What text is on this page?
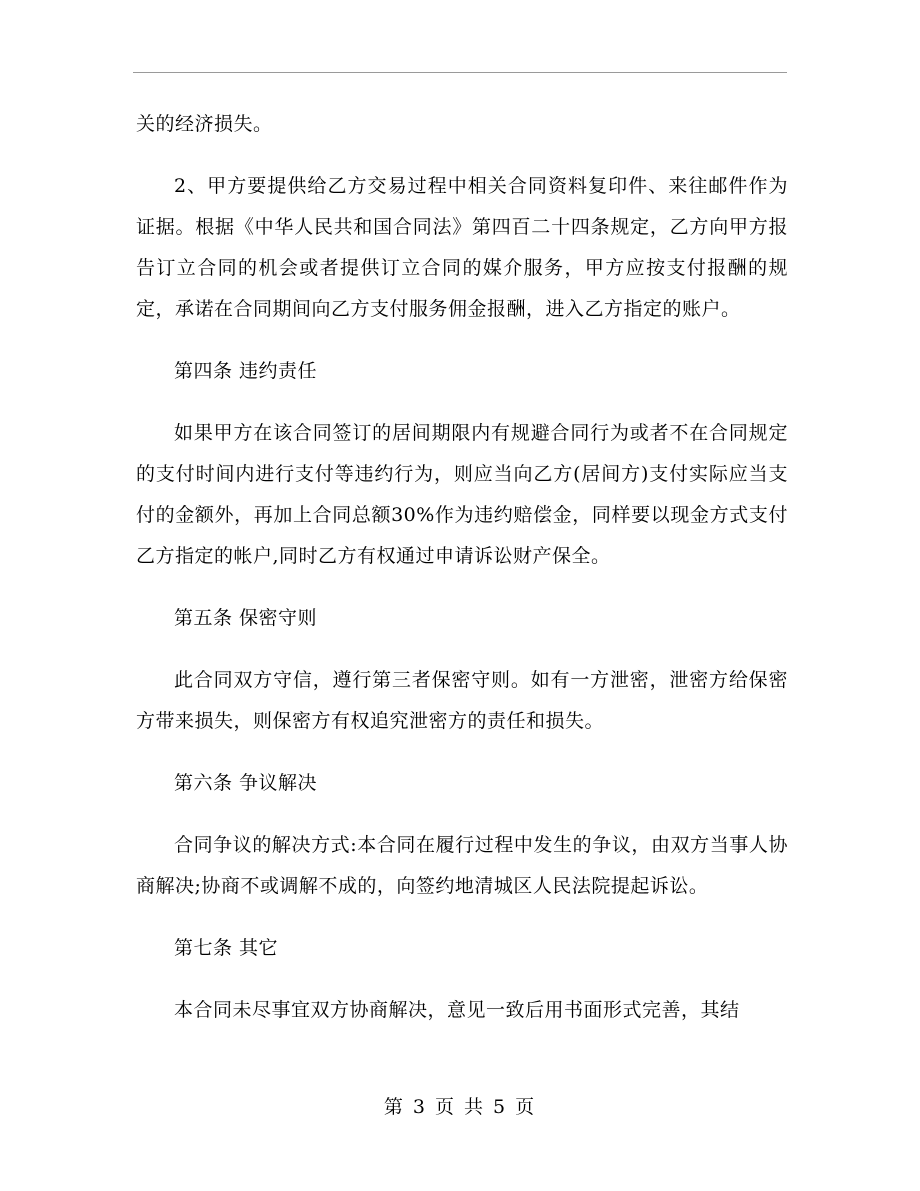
关的经济损失。

2、甲方要提供给乙方交易过程中相关合同资料复印件、来往邮件作为证据。根据《中华人民共和国合同法》第四百二十四条规定，乙方向甲方报告订立合同的机会或者提供订立合同的媒介服务，甲方应按支付报酬的规定，承诺在合同期间向乙方支付服务佣金报酬，进入乙方指定的账户。

第四条 违约责任

如果甲方在该合同签订的居间期限内有规避合同行为或者不在合同规定的支付时间内进行支付等违约行为，则应当向乙方(居间方)支付实际应当支付的金额外，再加上合同总额30%作为违约赔偿金，同样要以现金方式支付乙方指定的帐户,同时乙方有权通过申请诉讼财产保全。

第五条 保密守则

此合同双方守信，遵行第三者保密守则。如有一方泄密，泄密方给保密方带来损失，则保密方有权追究泄密方的责任和损失。

第六条 争议解决

合同争议的解决方式:本合同在履行过程中发生的争议，由双方当事人协商解决;协商不或调解不成的，向签约地清城区人民法院提起诉讼。

第七条 其它

本合同未尽事宜双方协商解决，意见一致后用书面形式完善，其结

第 3 页 共 5 页
